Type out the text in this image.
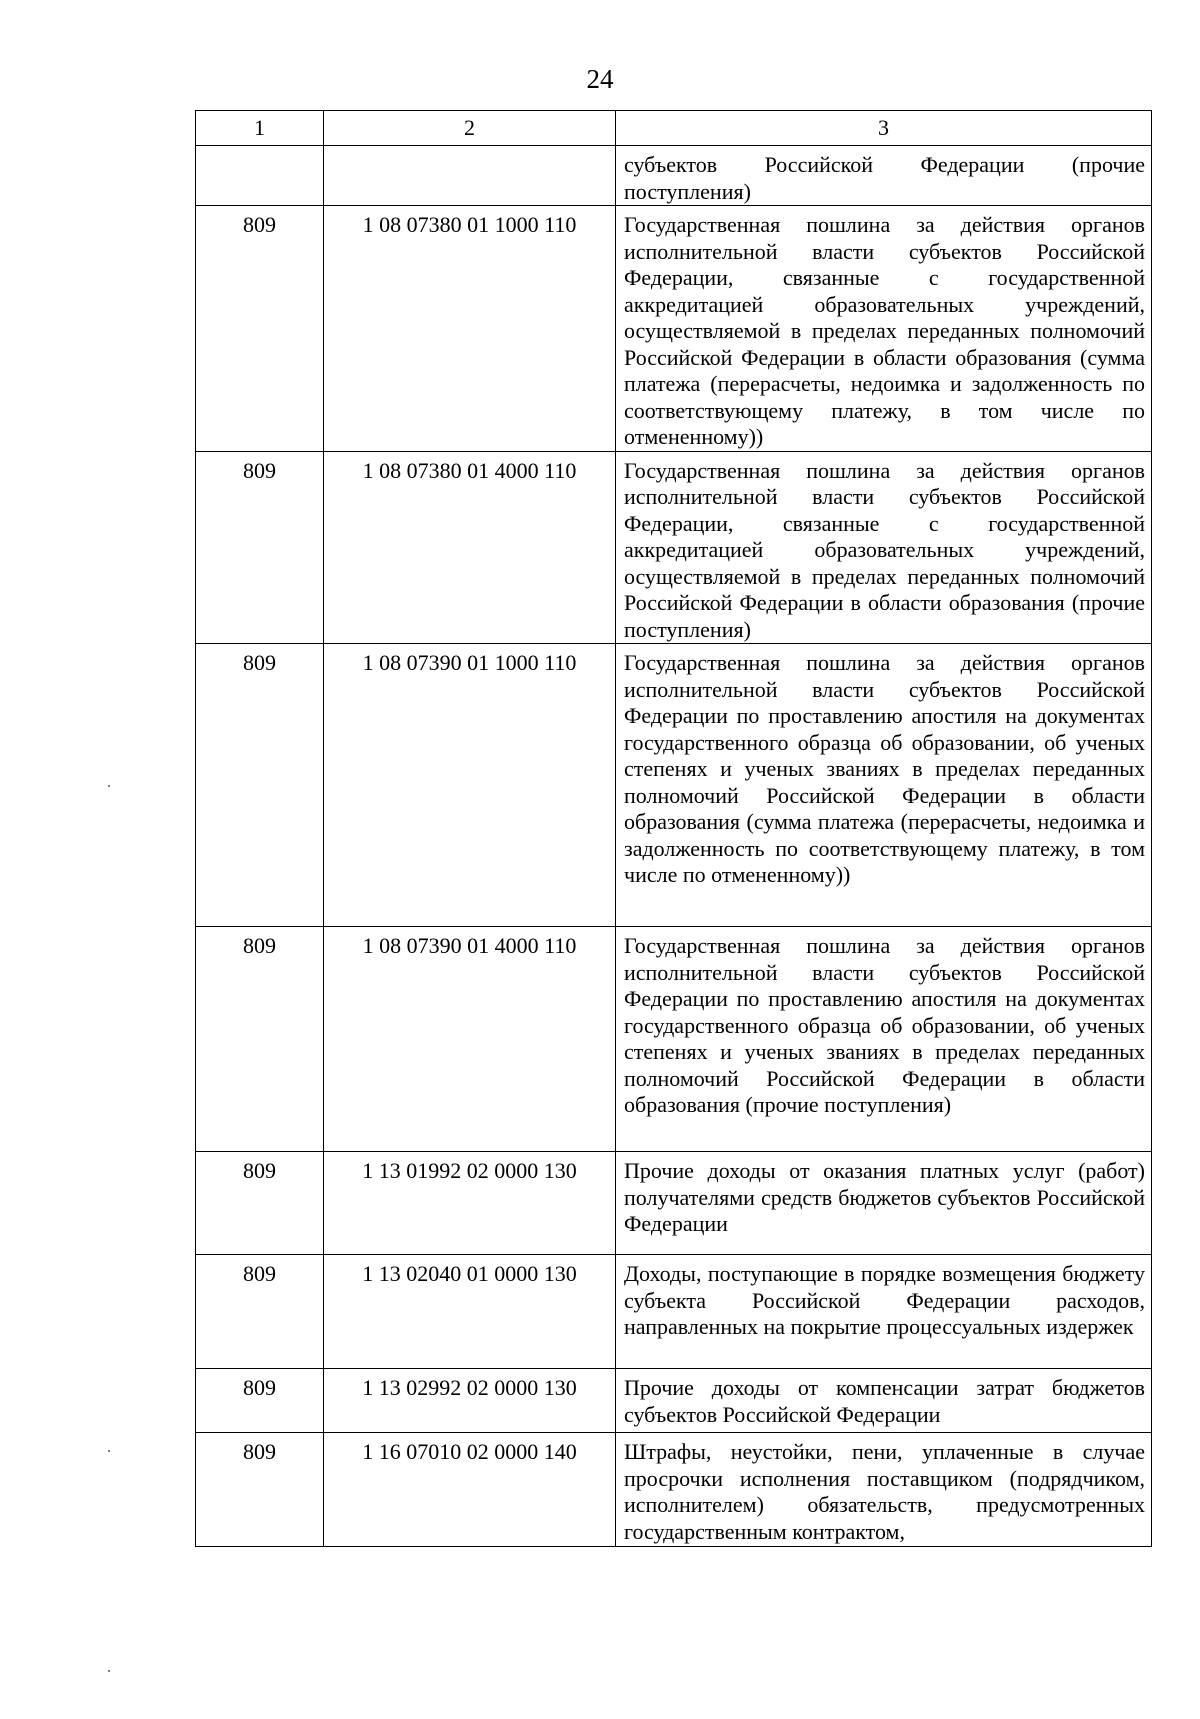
24
1	2	3
		субъектов Российской Федерации (прочие поступления)
809	1 08 07380 01 1000 110	Государственная пошлина за действия органов исполнительной власти субъектов Российской Федерации, связанные с государственной аккредитацией образовательных учреждений, осуществляемой в пределах переданных полномочий Российской Федерации в области образования (сумма платежа (перерасчеты, недоимка и задолженность по соответствующему платежу, в том числе по отмененному))
809	1 08 07380 01 4000 110	Государственная пошлина за действия органов исполнительной власти субъектов Российской Федерации, связанные с государственной аккредитацией образовательных учреждений, осуществляемой в пределах переданных полномочий Российской Федерации в области образования (прочие поступления)
809	1 08 07390 01 1000 110	Государственная пошлина за действия органов исполнительной власти субъектов Российской Федерации по проставлению апостиля на документах государственного образца об образовании, об ученых степенях и ученых званиях в пределах переданных полномочий Российской Федерации в области образования (сумма платежа (перерасчеты, недоимка и задолженность по соответствующему платежу, в том числе по отмененному))
809	1 08 07390 01 4000 110	Государственная пошлина за действия органов исполнительной власти субъектов Российской Федерации по проставлению апостиля на документах государственного образца об образовании, об ученых степенях и ученых званиях в пределах переданных полномочий Российской Федерации в области образования (прочие поступления)
809	1 13 01992 02 0000 130	Прочие доходы от оказания платных услуг (работ) получателями средств бюджетов субъектов Российской Федерации
809	1 13 02040 01 0000 130	Доходы, поступающие в порядке возмещения бюджету субъекта Российской Федерации расходов, направленных на покрытие процессуальных издержек
809	1 13 02992 02 0000 130	Прочие доходы от компенсации затрат бюджетов субъектов Российской Федерации
809	1 16 07010 02 0000 140	Штрафы, неустойки, пени, уплаченные в случае просрочки исполнения поставщиком (подрядчиком, исполнителем) обязательств, предусмотренных государственным контрактом,
